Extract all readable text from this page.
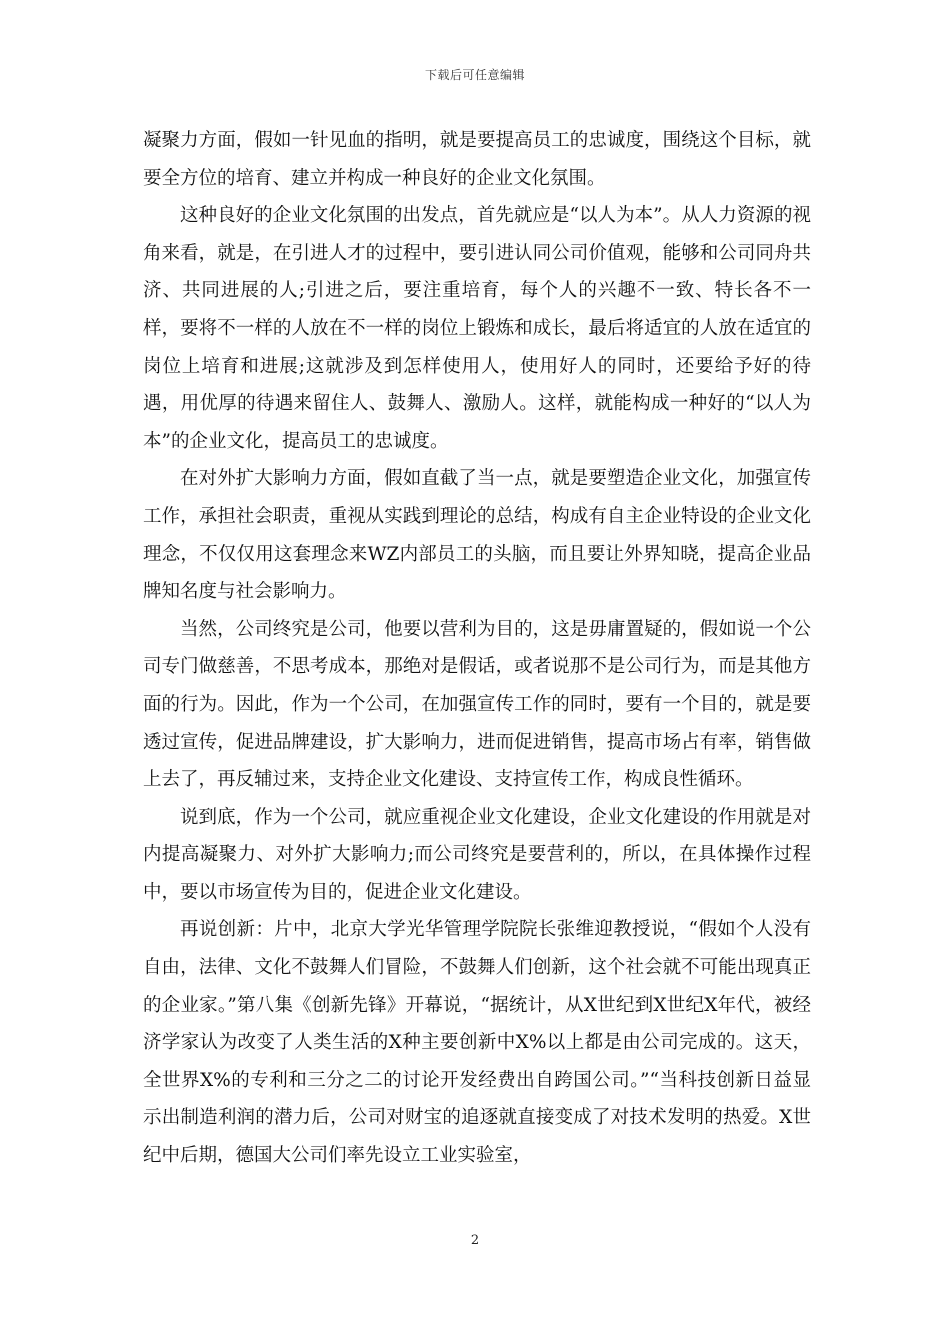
下载后可任意编辑

凝聚力方面，假如一针见血的指明，就是要提高员工的忠诚度，围绕这个目标，就要全方位的培育、建立并构成一种良好的企业文化氛围。

这种良好的企业文化氛围的出发点，首先就应是“以人为本”。从人力资源的视角来看，就是，在引进人才的过程中，要引进认同公司价值观，能够和公司同舟共济、共同进展的人;引进之后，要注重培育，每个人的兴趣不一致、特长各不一样，要将不一样的人放在不一样的岗位上锻炼和成长，最后将适宜的人放在适宜的岗位上培育和进展;这就涉及到怎样使用人，使用好人的同时，还要给予好的待遇，用优厚的待遇来留住人、鼓舞人、激励人。这样，就能构成一种好的“以人为本”的企业文化，提高员工的忠诚度。

在对外扩大影响力方面，假如直截了当一点，就是要塑造企业文化，加强宣传工作，承担社会职责，重视从实践到理论的总结，构成有自主企业特设的企业文化理念，不仅仅用这套理念来WZ内部员工的头脑，而且要让外界知晓，提高企业品牌知名度与社会影响力。

当然，公司终究是公司，他要以营利为目的，这是毋庸置疑的，假如说一个公司专门做慈善，不思考成本，那绝对是假话，或者说那不是公司行为，而是其他方面的行为。因此，作为一个公司，在加强宣传工作的同时，要有一个目的，就是要透过宣传，促进品牌建设，扩大影响力，进而促进销售，提高市场占有率，销售做上去了，再反辅过来，支持企业文化建设、支持宣传工作，构成良性循环。

说到底，作为一个公司，就应重视企业文化建设，企业文化建设的作用就是对内提高凝聚力、对外扩大影响力;而公司终究是要营利的，所以，在具体操作过程中，要以市场宣传为目的，促进企业文化建设。

再说创新：片中，北京大学光华管理学院院长张维迎教授说，“假如个人没有自由，法律、文化不鼓舞人们冒险，不鼓舞人们创新，这个社会就不可能出现真正的企业家。”第八集《创新先锋》开幕说，“据统计，从X世纪到X世纪X年代，被经济学家认为改变了人类生活的X种主要创新中X%以上都是由公司完成的。这天，全世界X%的专利和三分之二的讨论开发经费出自跨国公司。”“当科技创新日益显示出制造利润的潜力后，公司对财宝的追逐就直接变成了对技术发明的热爱。X世纪中后期，德国大公司们率先设立工业实验室，

2
